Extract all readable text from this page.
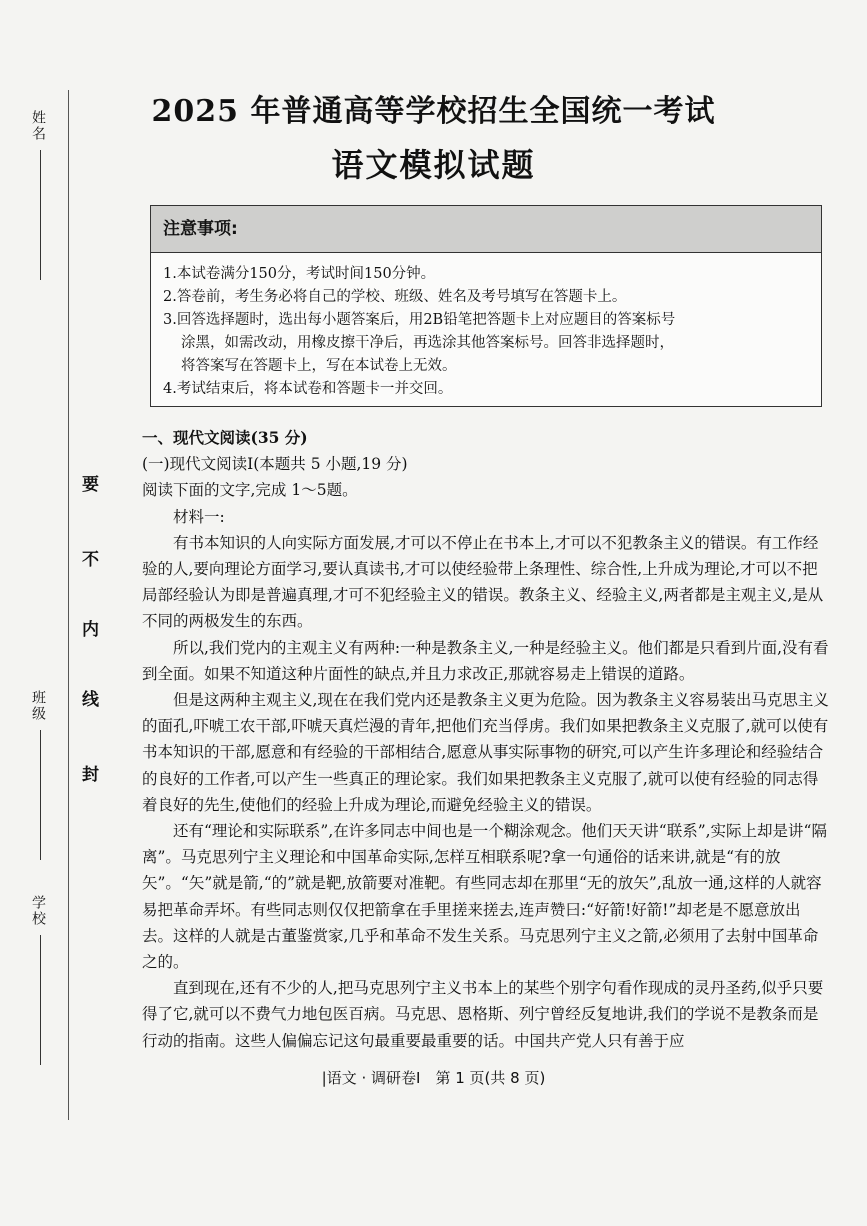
姓名
班级
学校
要
不
内
线
封
2025 年普通高等学校招生全国统一考试
语文模拟试题
注意事项:
1.本试卷满分150分，考试时间150分钟。
2.答卷前，考生务必将自己的学校、班级、姓名及考号填写在答题卡上。
3.回答选择题时，选出每小题答案后，用2B铅笔把答题卡上对应题目的答案标号
涂黑，如需改动，用橡皮擦干净后，再选涂其他答案标号。回答非选择题时，
将答案写在答题卡上，写在本试卷上无效。
4.考试结束后，将本试卷和答题卡一并交回。

一、现代文阅读(35 分)

(一)现代文阅读Ⅰ(本题共 5 小题,19 分)

阅读下面的文字,完成 1～5题。

材料一:

有书本知识的人向实际方面发展,才可以不停止在书本上,才可以不犯教条主义的错误。有工作经验的人,要向理论方面学习,要认真读书,才可以使经验带上条理性、综合性,上升成为理论,才可以不把局部经验认为即是普遍真理,才可不犯经验主义的错误。教条主义、经验主义,两者都是主观主义,是从不同的两极发生的东西。

所以,我们党内的主观主义有两种:一种是教条主义,一种是经验主义。他们都是只看到片面,没有看到全面。如果不知道这种片面性的缺点,并且力求改正,那就容易走上错误的道路。

但是这两种主观主义,现在在我们党内还是教条主义更为危险。因为教条主义容易装出马克思主义的面孔,吓唬工农干部,吓唬天真烂漫的青年,把他们充当俘虏。我们如果把教条主义克服了,就可以使有书本知识的干部,愿意和有经验的干部相结合,愿意从事实际事物的研究,可以产生许多理论和经验结合的良好的工作者,可以产生一些真正的理论家。我们如果把教条主义克服了,就可以使有经验的同志得着良好的先生,使他们的经验上升成为理论,而避免经验主义的错误。

还有“理论和实际联系”,在许多同志中间也是一个糊涂观念。他们天天讲“联系”,实际上却是讲“隔离”。马克思列宁主义理论和中国革命实际,怎样互相联系呢?拿一句通俗的话来讲,就是“有的放矢”。“矢”就是箭,“的”就是靶,放箭要对准靶。有些同志却在那里“无的放矢”,乱放一通,这样的人就容易把革命弄坏。有些同志则仅仅把箭拿在手里搓来搓去,连声赞曰:“好箭!好箭!”却老是不愿意放出去。这样的人就是古董鉴赏家,几乎和革命不发生关系。马克思列宁主义之箭,必须用了去射中国革命之的。

直到现在,还有不少的人,把马克思列宁主义书本上的某些个别字句看作现成的灵丹圣药,似乎只要得了它,就可以不费气力地包医百病。马克思、恩格斯、列宁曾经反复地讲,我们的学说不是教条而是行动的指南。这些人偏偏忘记这句最重要最重要的话。中国共产党人只有善于应

|语文 · 调研卷Ⅰ　第 1 页(共 8 页)
